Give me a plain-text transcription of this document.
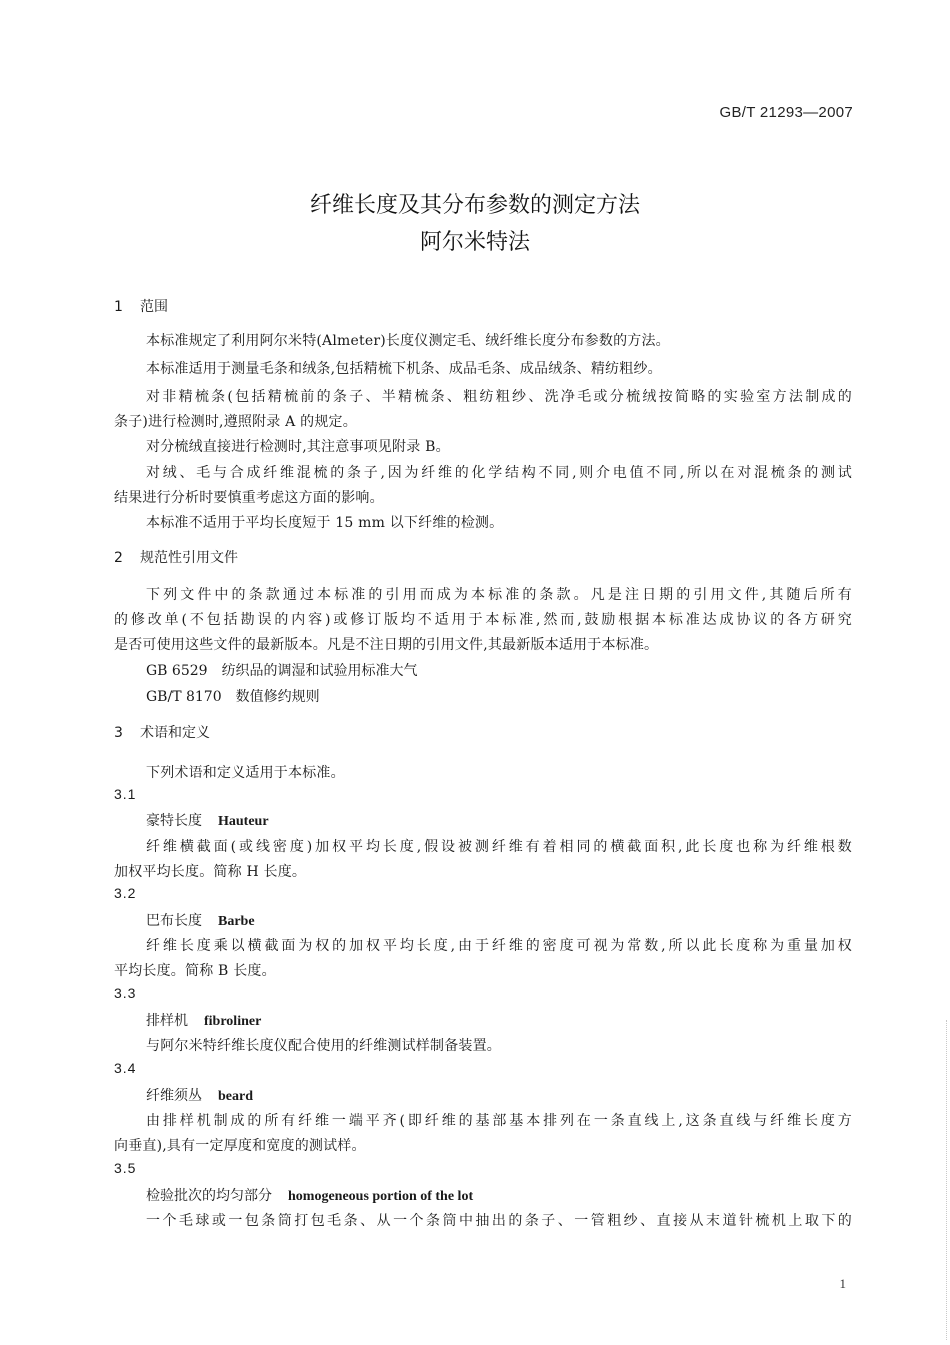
GB/T 21293—2007
纤维长度及其分布参数的测定方法
阿尔米特法
1 范围
本标准规定了利用阿尔米特(Almeter)长度仪测定毛、绒纤维长度分布参数的方法。
本标准适用于测量毛条和绒条,包括精梳下机条、成品毛条、成品绒条、精纺粗纱。
对非精梳条(包括精梳前的条子、半精梳条、粗纺粗纱、洗净毛或分梳绒按简略的实验室方法制成的
条子)进行检测时,遵照附录 A 的规定。
对分梳绒直接进行检测时,其注意事项见附录 B。
对绒、毛与合成纤维混梳的条子,因为纤维的化学结构不同,则介电值不同,所以在对混梳条的测试
结果进行分析时要慎重考虑这方面的影响。
本标准不适用于平均长度短于 15 mm 以下纤维的检测。
2 规范性引用文件
下列文件中的条款通过本标准的引用而成为本标准的条款。凡是注日期的引用文件,其随后所有
的修改单(不包括勘误的内容)或修订版均不适用于本标准,然而,鼓励根据本标准达成协议的各方研究
是否可使用这些文件的最新版本。凡是不注日期的引用文件,其最新版本适用于本标准。
GB 6529 纺织品的调湿和试验用标准大气
GB/T 8170 数值修约规则
3 术语和定义
下列术语和定义适用于本标准。
3.1
豪特长度 Hauteur
纤维横截面(或线密度)加权平均长度,假设被测纤维有着相同的横截面积,此长度也称为纤维根数
加权平均长度。简称 H 长度。
3.2
巴布长度 Barbe
纤维长度乘以横截面为权的加权平均长度,由于纤维的密度可视为常数,所以此长度称为重量加权
平均长度。简称 B 长度。
3.3
排样机 fibroliner
与阿尔米特纤维长度仪配合使用的纤维测试样制备装置。
3.4
纤维须丛 beard
由排样机制成的所有纤维一端平齐(即纤维的基部基本排列在一条直线上,这条直线与纤维长度方
向垂直),具有一定厚度和宽度的测试样。
3.5
检验批次的均匀部分 homogeneous portion of the lot
一个毛球或一包条筒打包毛条、从一个条筒中抽出的条子、一管粗纱、直接从末道针梳机上取下的
1
